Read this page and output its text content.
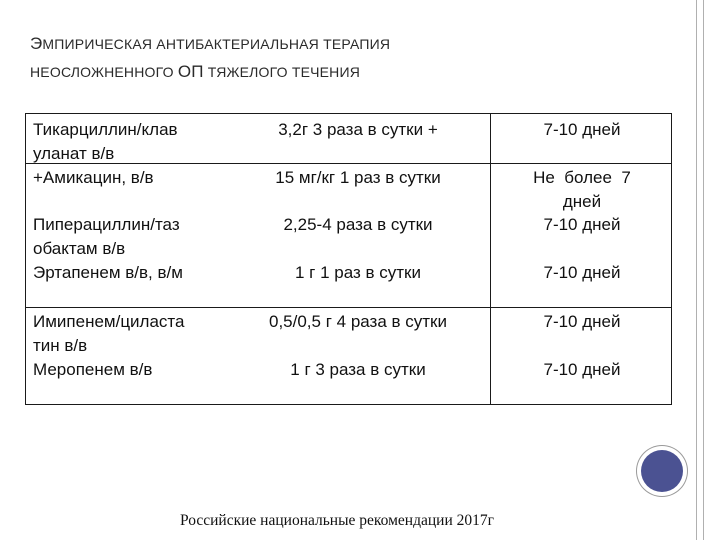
ЭМПИРИЧЕСКАЯ АНТИБАКТЕРИАЛЬНАЯ ТЕРАПИЯ
НЕОСЛОЖНЕННОГО ОП ТЯЖЕЛОГО ТЕЧЕНИЯ
Тикарциллин/клав
уланат в/в
+Амикацин, в/в
3,2г 3 раза в сутки +
15 мг/кг 1 раз в сутки
7-10 дней
Не  более  7
дней
Пиперациллин/таз
обактам в/в
Эртапенем в/в, в/м
2,25-4 раза в сутки
1 г 1 раз в сутки
7-10 дней
7-10 дней
Имипенем/циласта
тин в/в
Меропенем в/в
0,5/0,5 г 4 раза в сутки
1 г 3 раза в сутки
7-10 дней
7-10 дней
Российские национальные рекомендации 2017г
